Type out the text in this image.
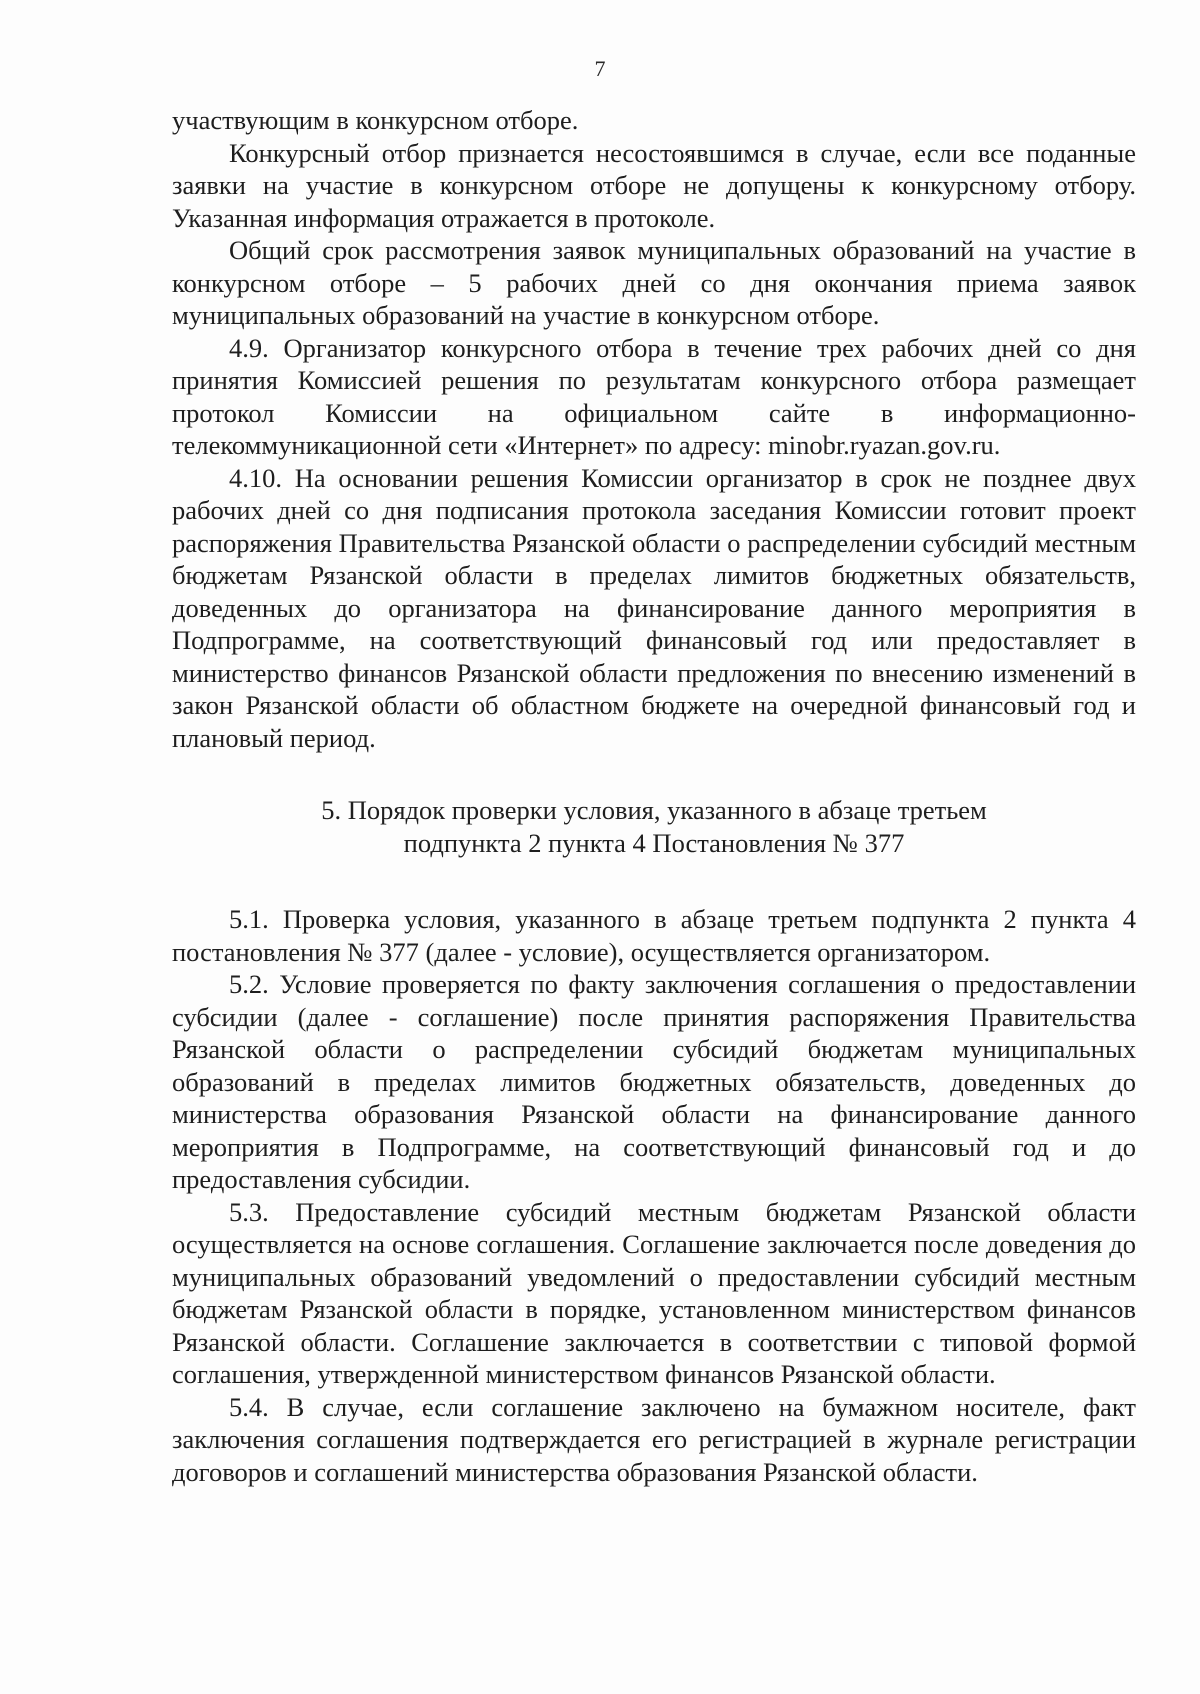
7

участвующим в конкурсном отборе.

Конкурсный отбор признается несостоявшимся в случае, если все поданные заявки на участие в конкурсном отборе не допущены к конкурсному отбору. Указанная информация отражается в протоколе.

Общий срок рассмотрения заявок муниципальных образований на участие в конкурсном отборе – 5 рабочих дней со дня окончания приема заявок муниципальных образований на участие в конкурсном отборе.

4.9. Организатор конкурсного отбора в течение трех рабочих дней со дня принятия Комиссией решения по результатам конкурсного отбора размещает протокол Комиссии на официальном сайте в информационно-телекоммуникационной сети «Интернет» по адресу: minobr.ryazan.gov.ru.

4.10. На основании решения Комиссии организатор в срок не позднее двух рабочих дней со дня подписания протокола заседания Комиссии готовит проект распоряжения Правительства Рязанской области о распределении субсидий местным бюджетам Рязанской области в пределах лимитов бюджетных обязательств, доведенных до организатора на финансирование данного мероприятия в Подпрограмме, на соответствующий финансовый год или предоставляет в министерство финансов Рязанской области предложения по внесению изменений в закон Рязанской области об областном бюджете на очередной финансовый год и плановый период.

5. Порядок проверки условия, указанного в абзаце третьем
подпункта 2 пункта 4 Постановления № 377

5.1. Проверка условия, указанного в абзаце третьем подпункта 2 пункта 4 постановления № 377 (далее - условие), осуществляется организатором.

5.2. Условие проверяется по факту заключения соглашения о предоставлении субсидии (далее - соглашение) после принятия распоряжения Правительства Рязанской области о распределении субсидий бюджетам муниципальных образований в пределах лимитов бюджетных обязательств, доведенных до министерства образования Рязанской области на финансирование данного мероприятия в Подпрограмме, на соответствующий финансовый год и до предоставления субсидии.

5.3. Предоставление субсидий местным бюджетам Рязанской области осуществляется на основе соглашения. Соглашение заключается после доведения до муниципальных образований уведомлений о предоставлении субсидий местным бюджетам Рязанской области в порядке, установленном министерством финансов Рязанской области. Соглашение заключается в соответствии с типовой формой соглашения, утвержденной министерством финансов Рязанской области.

5.4. В случае, если соглашение заключено на бумажном носителе, факт заключения соглашения подтверждается его регистрацией в журнале регистрации договоров и соглашений министерства образования Рязанской области.
